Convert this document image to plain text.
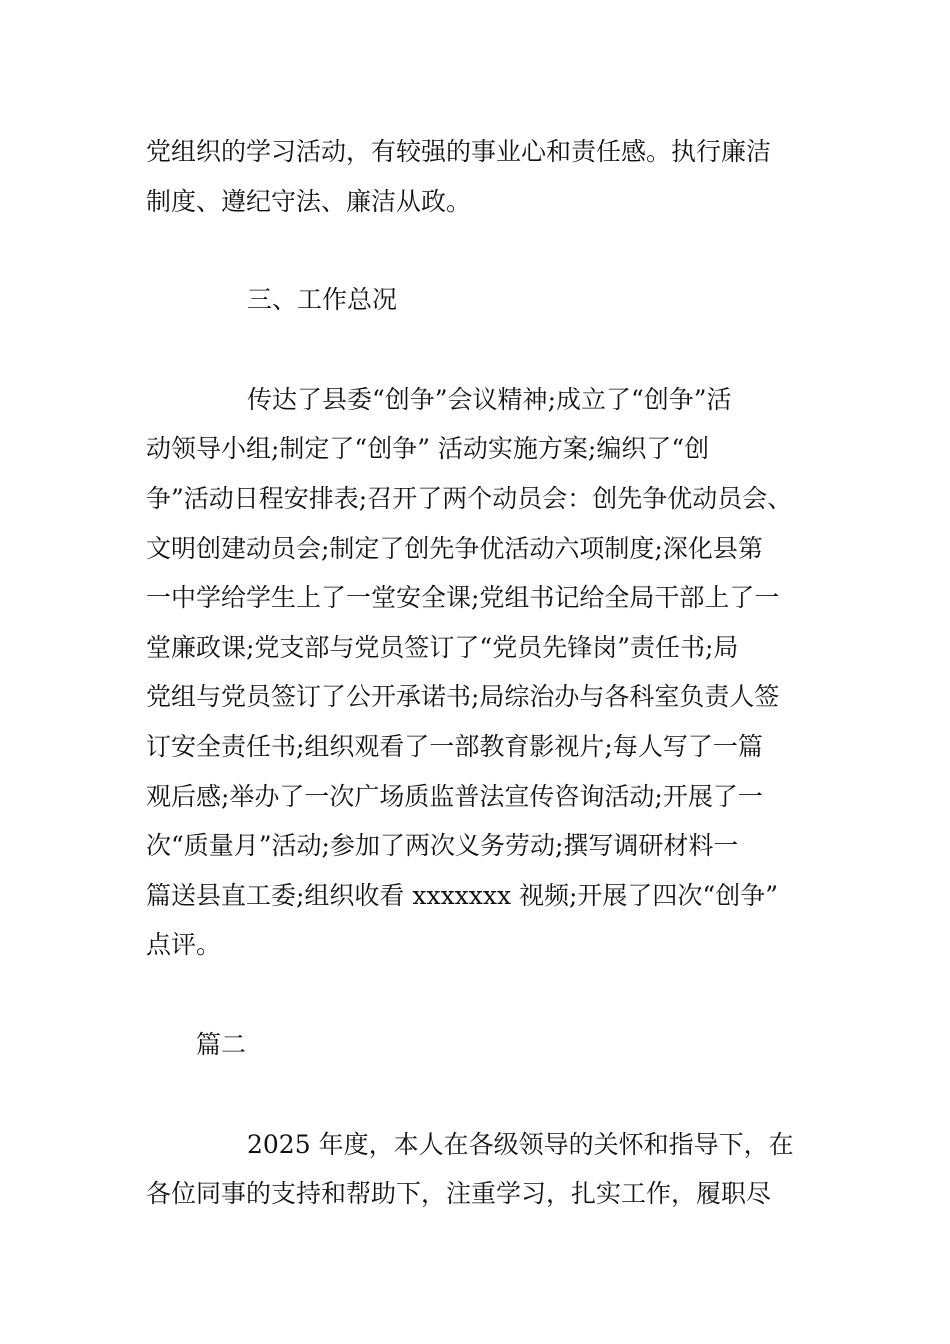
党组织的学习活动，有较强的事业心和责任感。执行廉洁
制度、遵纪守法、廉洁从政。
三、工作总况
传达了县委“创争”会议精神;成立了“创争”活
动领导小组;制定了“创争” 活动实施方案;编织了“创
争”活动日程安排表;召开了两个动员会：创先争优动员会、
文明创建动员会;制定了创先争优活动六项制度;深化县第
一中学给学生上了一堂安全课;党组书记给全局干部上了一
堂廉政课;党支部与党员签订了“党员先锋岗”责任书;局
党组与党员签订了公开承诺书;局综治办与各科室负责人签
订安全责任书;组织观看了一部教育影视片;每人写了一篇
观后感;举办了一次广场质监普法宣传咨询活动;开展了一
次“质量月”活动;参加了两次义务劳动;撰写调研材料一
篇送县直工委;组织收看 xxxxxxx 视频;开展了四次“创争”
点评。
篇二
2025 年度，本人在各级领导的关怀和指导下，在
各位同事的支持和帮助下，注重学习，扎实工作，履职尽
